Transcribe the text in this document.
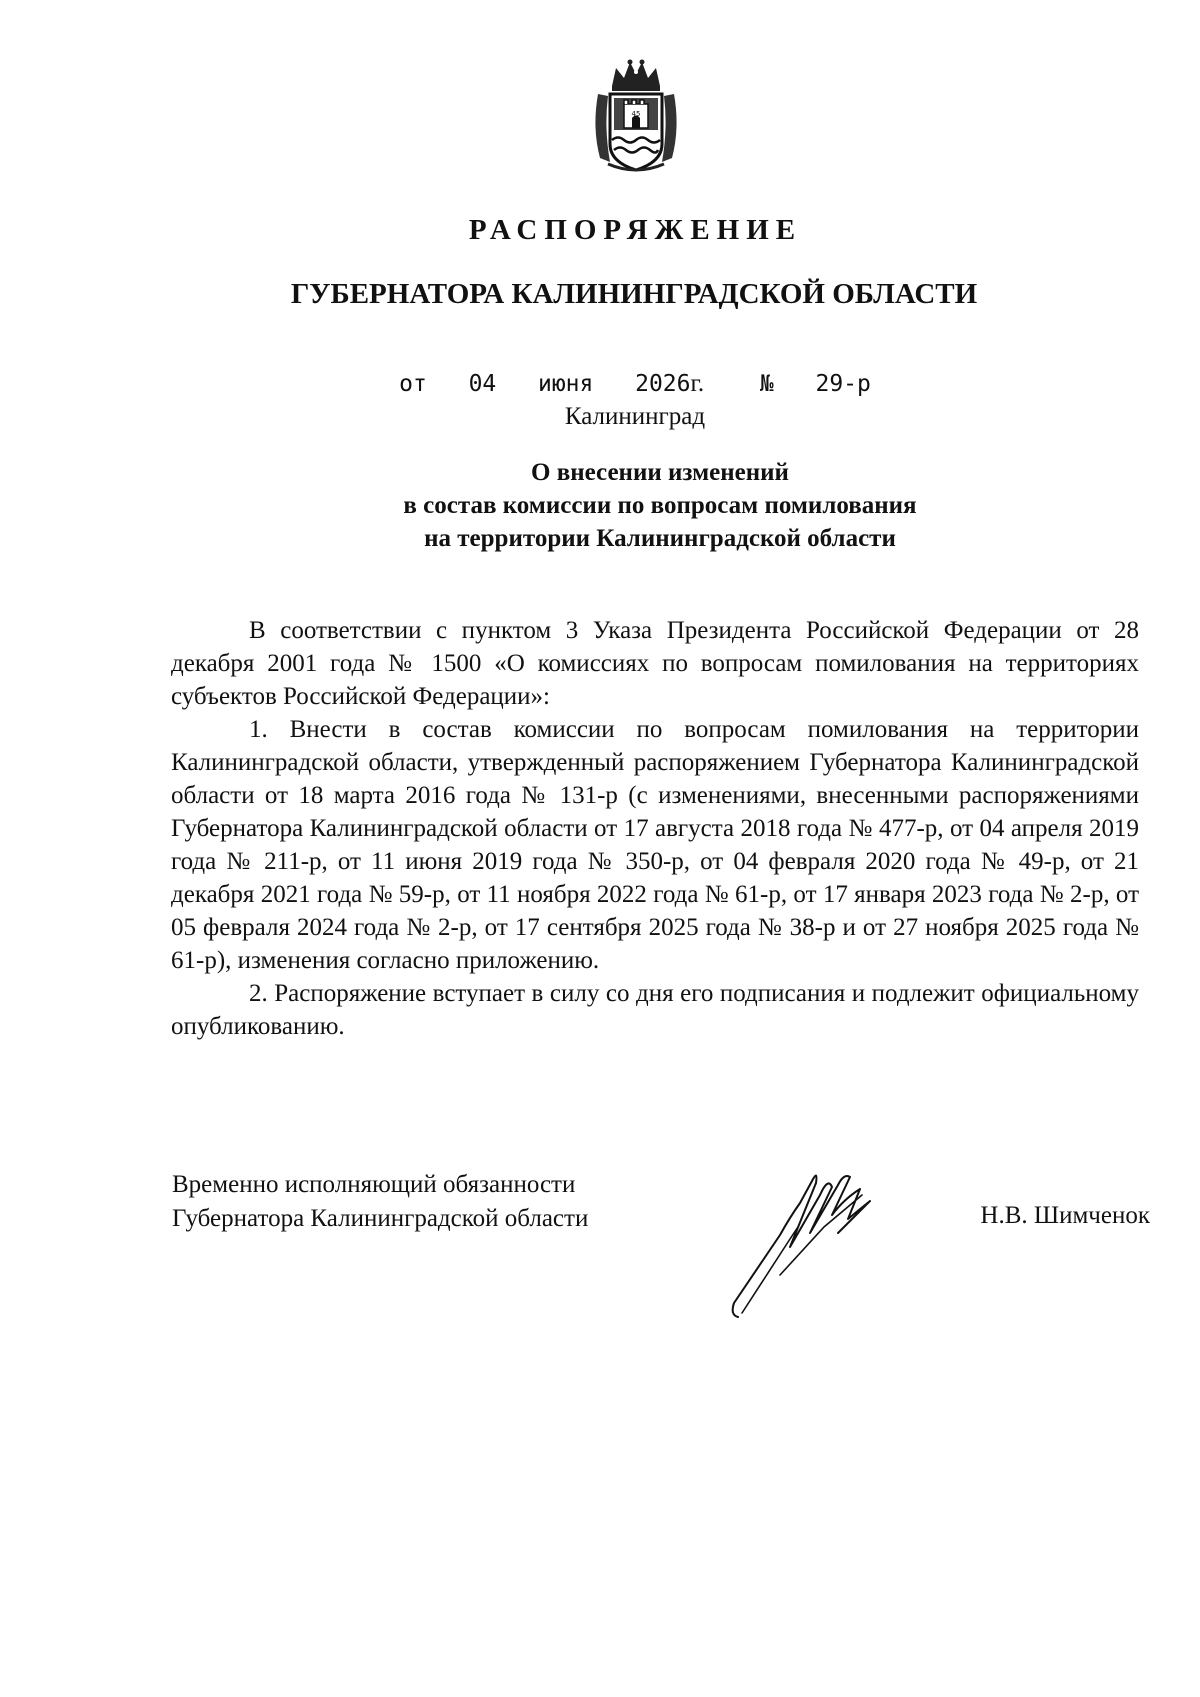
45
РАСПОРЯЖЕНИЕ
ГУБЕРНАТОРА КАЛИНИНГРАДСКОЙ ОБЛАСТИ
от 04 июня 2026г. № 29-р
Калининград
О внесении изменений
в состав комиссии по вопросам помилования
на территории Калининградской области

В соответствии с пунктом 3 Указа Президента Российской Федерации от 28 декабря 2001 года № 1500 «О комиссиях по вопросам помилования на территориях субъектов Российской Федерации»:

1. Внести в состав комиссии по вопросам помилования на территории Калининградской области, утвержденный распоряжением Губернатора Калининградской области от 18 марта 2016 года № 131-р (с изменениями, внесенными распоряжениями Губернатора Калининградской области от 17 августа 2018 года № 477-р, от 04 апреля 2019 года № 211-р, от 11 июня 2019 года № 350-р, от 04 февраля 2020 года № 49-р, от 21 декабря 2021 года № 59-р, от 11 ноября 2022 года № 61-р, от 17 января 2023 года № 2-р, от 05 февраля 2024 года № 2-р, от 17 сентября 2025 года № 38-р и от 27 ноября 2025 года № 61-р), изменения согласно приложению.

2. Распоряжение вступает в силу со дня его подписания и подлежит официальному опубликованию.

Временно исполняющий обязанности
Губернатора Калининградской области	Н.В. Шимченок
